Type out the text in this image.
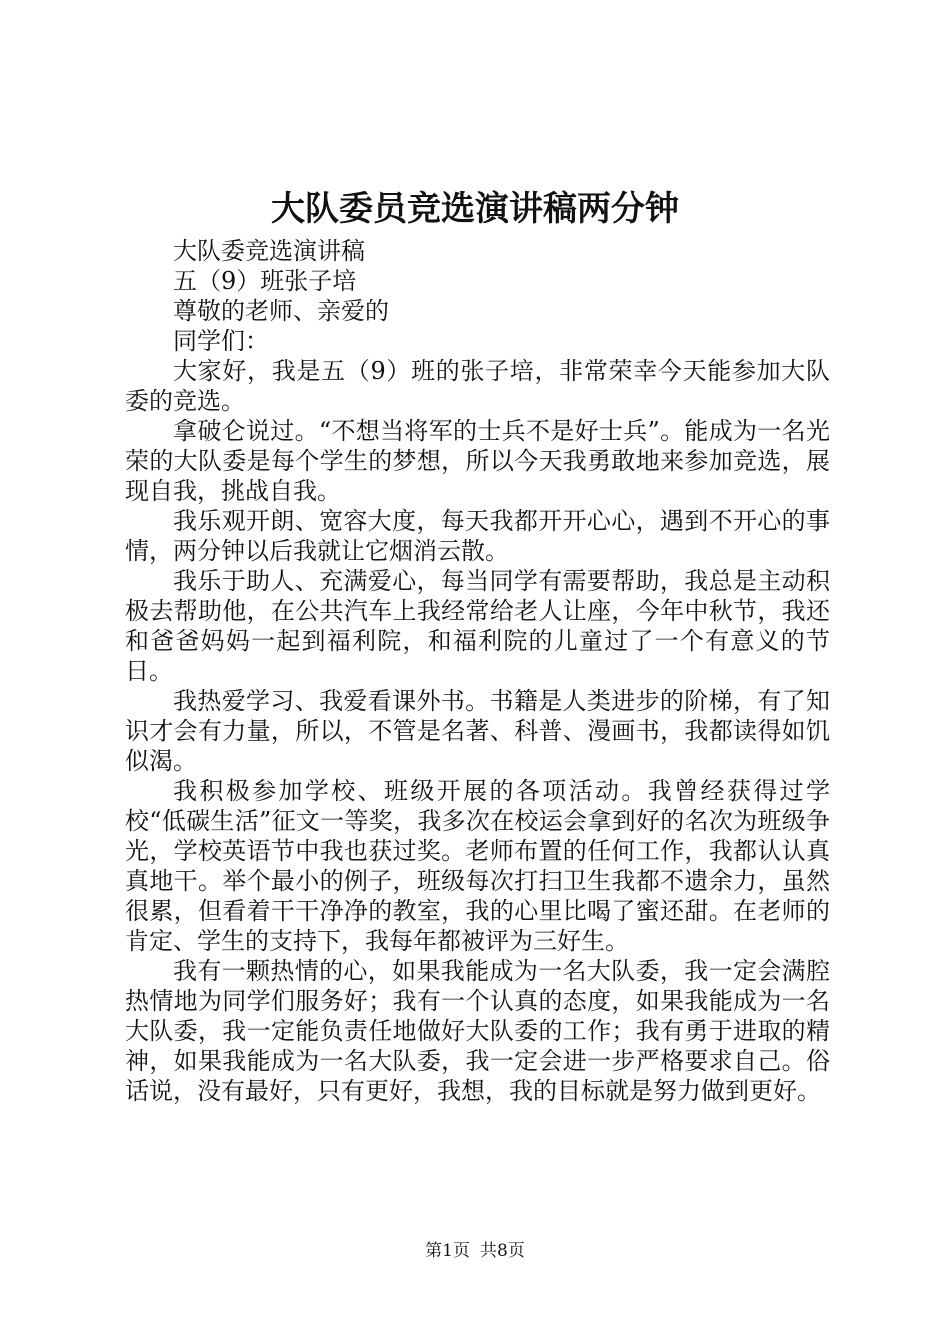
大队委员竞选演讲稿两分钟

大队委竞选演讲稿

五（9）班张子培

尊敬的老师、亲爱的

同学们：

大家好，我是五（9）班的张子培，非常荣幸今天能参加大队委的竞选。

拿破仑说过。“不想当将军的士兵不是好士兵”。能成为一名光荣的大队委是每个学生的梦想，所以今天我勇敢地来参加竞选，展现自我，挑战自我。

我乐观开朗、宽容大度，每天我都开开心心，遇到不开心的事情，两分钟以后我就让它烟消云散。

我乐于助人、充满爱心，每当同学有需要帮助，我总是主动积极去帮助他，在公共汽车上我经常给老人让座，今年中秋节，我还和爸爸妈妈一起到福利院，和福利院的儿童过了一个有意义的节日。

我热爱学习、我爱看课外书。书籍是人类进步的阶梯，有了知识才会有力量，所以，不管是名著、科普、漫画书，我都读得如饥似渴。

我积极参加学校、班级开展的各项活动。我曾经获得过学校“低碳生活”征文一等奖，我多次在校运会拿到好的名次为班级争光，学校英语节中我也获过奖。老师布置的任何工作，我都认认真真地干。举个最小的例子，班级每次打扫卫生我都不遗余力，虽然很累，但看着干干净净的教室，我的心里比喝了蜜还甜。在老师的肯定、学生的支持下，我每年都被评为三好生。

我有一颗热情的心，如果我能成为一名大队委，我一定会满腔热情地为同学们服务好；我有一个认真的态度，如果我能成为一名大队委，我一定能负责任地做好大队委的工作；我有勇于进取的精神，如果我能成为一名大队委，我一定会进一步严格要求自己。俗话说，没有最好，只有更好，我想，我的目标就是努力做到更好。

第1页 共8页
